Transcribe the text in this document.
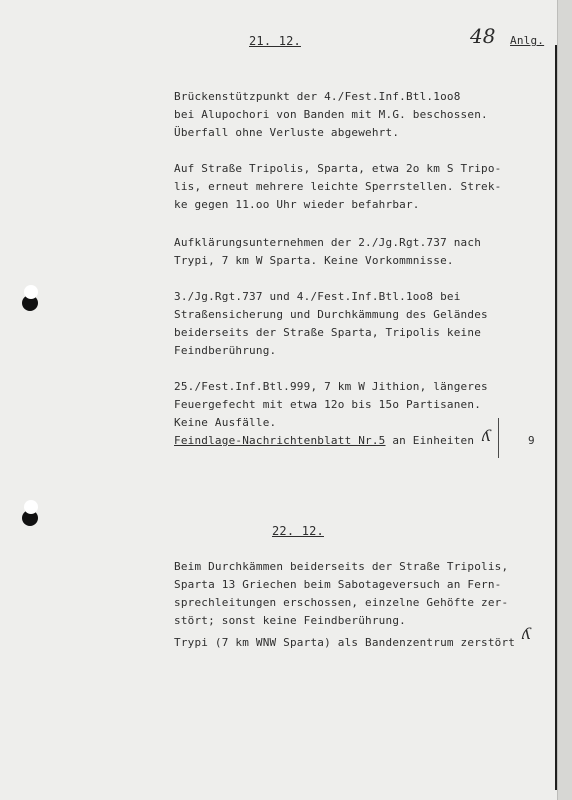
21. 12.	48 Anlg.
Brückenstützpunkt der 4./Fest.Inf.Btl.1oo8
bei Alupochori von Banden mit M.G. beschossen.
Überfall ohne Verluste abgewehrt.
Auf Straße Tripolis, Sparta, etwa 2o km S Tripo-
lis, erneut mehrere leichte Sperrstellen. Strek-
ke gegen 11.oo Uhr wieder befahrbar.
Aufklärungsunternehmen der 2./Jg.Rgt.737 nach
Trypi, 7 km W Sparta. Keine Vorkommnisse.
3./Jg.Rgt.737 und 4./Fest.Inf.Btl.1oo8 bei
Straßensicherung und Durchkämmung des Geländes
beiderseits der Straße Sparta, Tripolis keine
Feindberührung.
25./Fest.Inf.Btl.999, 7 km W Jithion, längeres
Feuergefecht mit etwa 12o bis 15o Partisanen.
Keine Ausfälle.
Feindlage-Nachrichtenblatt Nr.5 an Einheiten ʎ	9
22. 12.
Beim Durchkämmen beiderseits der Straße Tripolis,
Sparta 13 Griechen beim Sabotageversuch an Fern-
sprechleitungen erschossen, einzelne Gehöfte zer-
stört; sonst keine Feindberührung.
Trypi (7 km WNW Sparta) als Bandenzentrum zerstört ʎ
